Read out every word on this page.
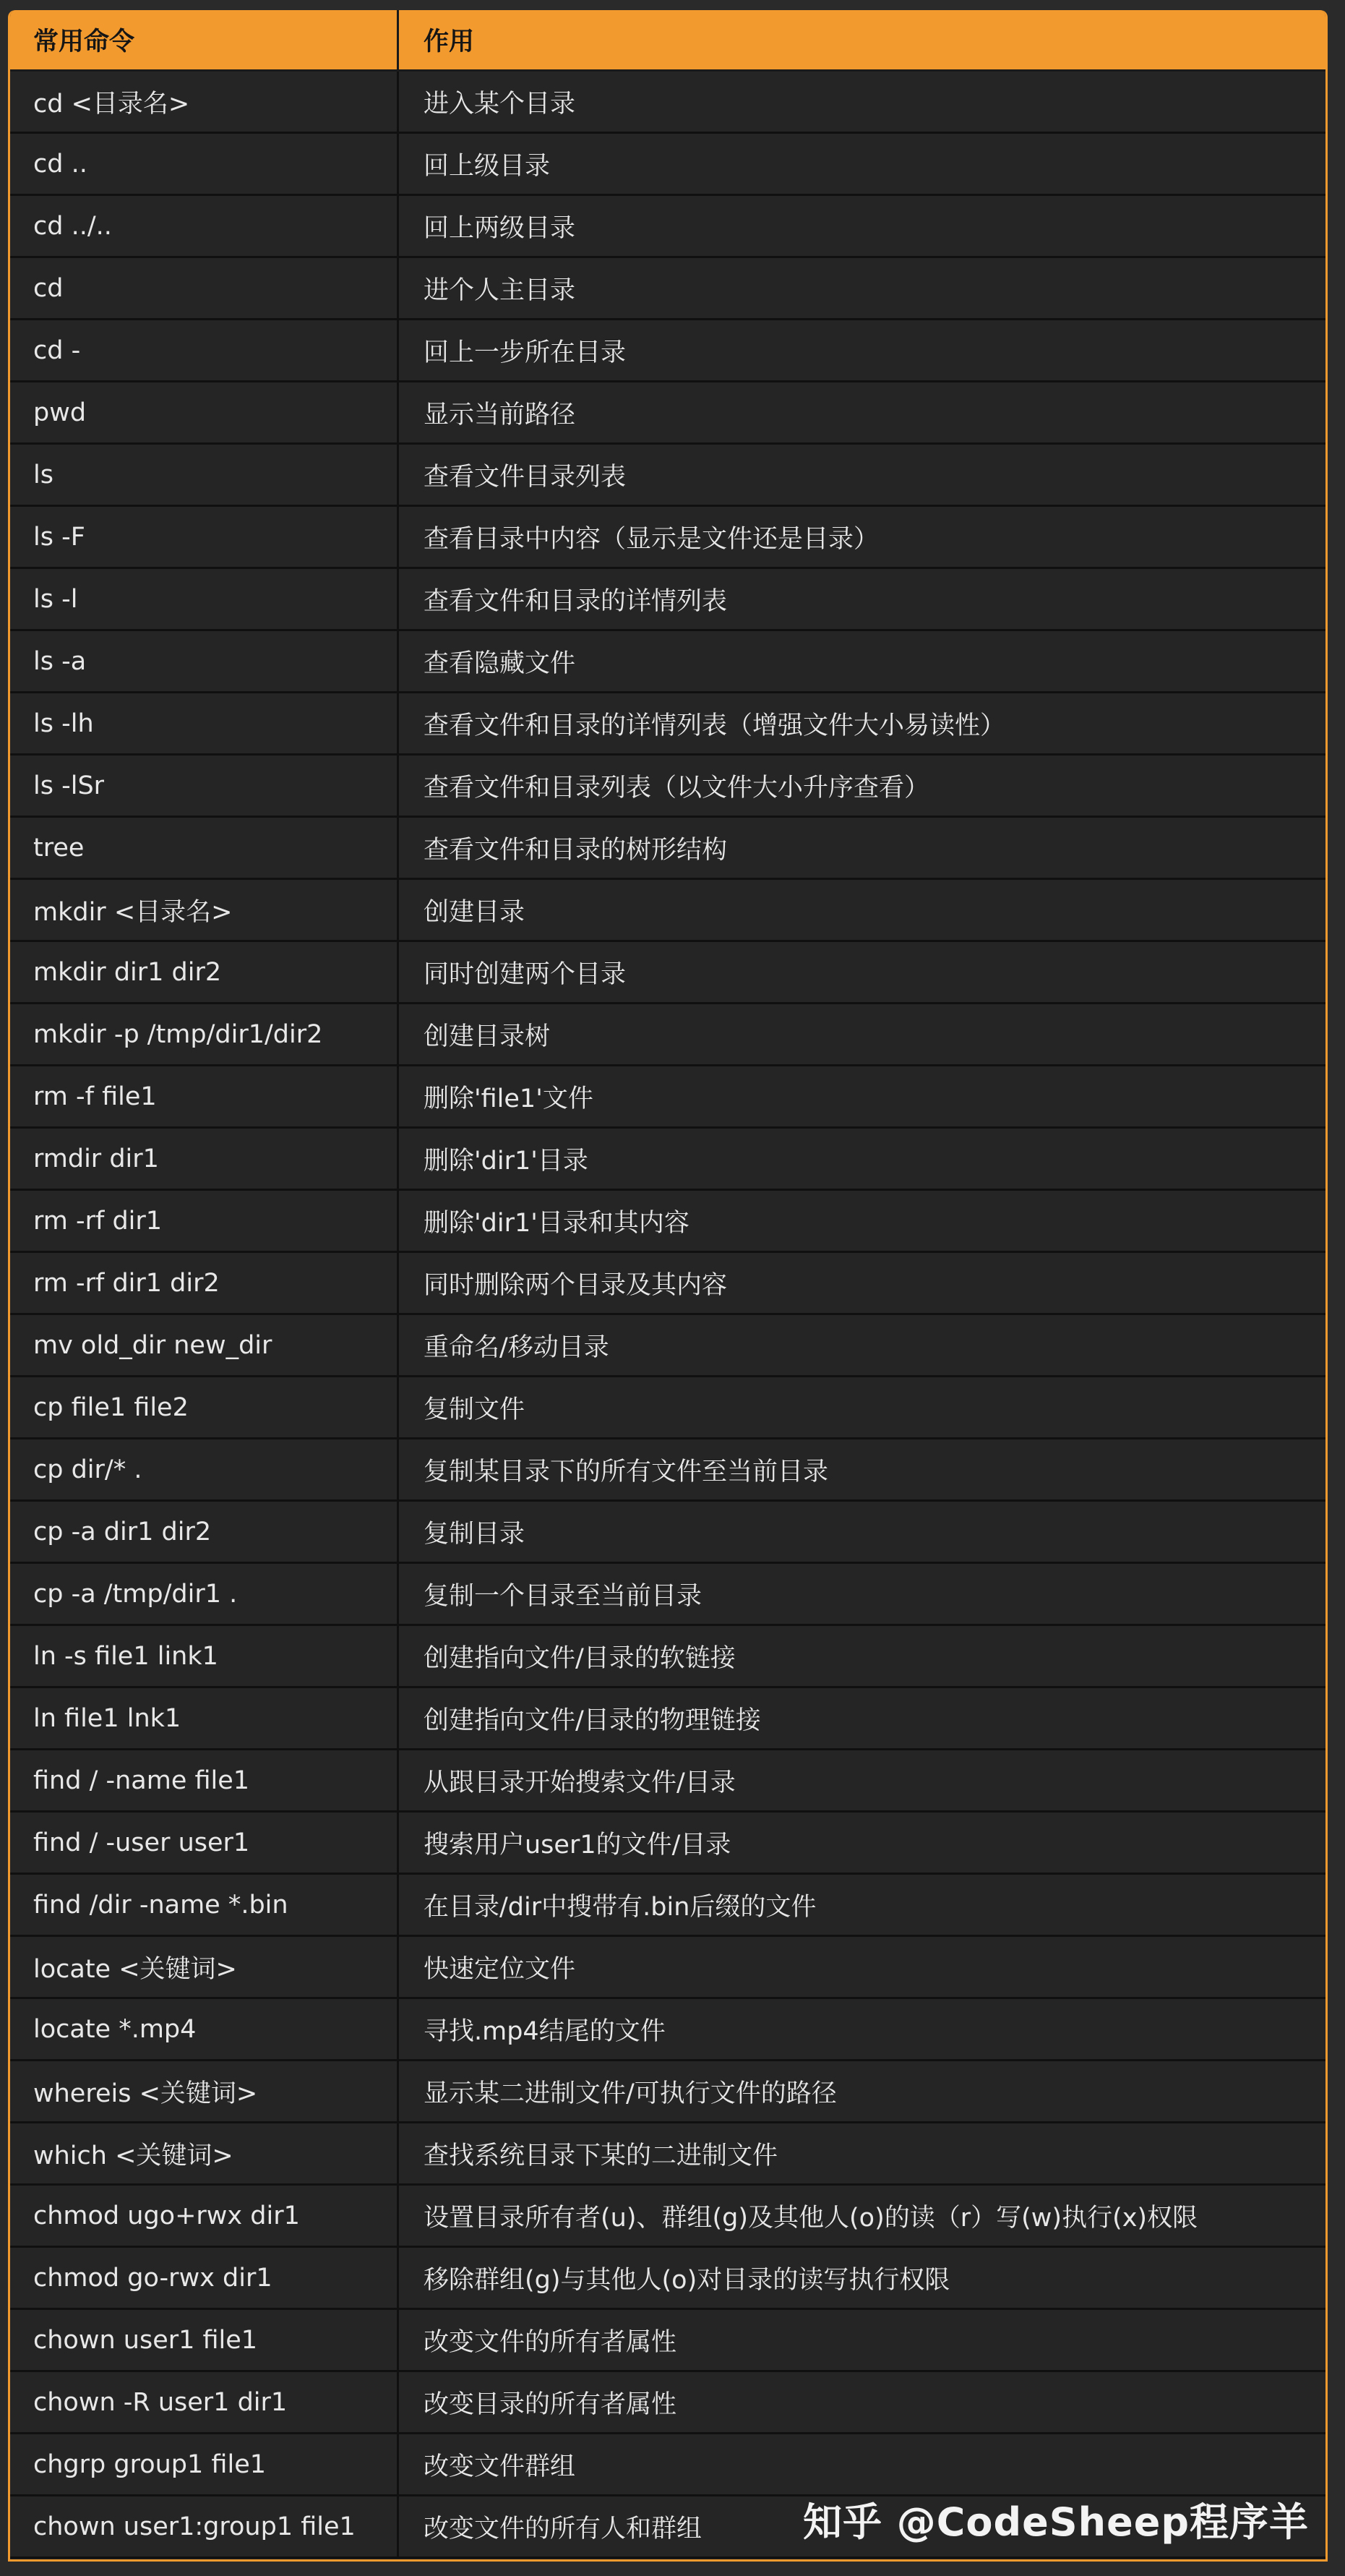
常用命令	作用
cd <目录名>	进入某个目录
cd ..	回上级目录
cd ../..	回上两级目录
cd	进个人主目录
cd -	回上一步所在目录
pwd	显示当前路径
ls	查看文件目录列表
ls -F	查看目录中内容（显示是文件还是目录）
ls -l	查看文件和目录的详情列表
ls -a	查看隐藏文件
ls -lh	查看文件和目录的详情列表（增强文件大小易读性）
ls -lSr	查看文件和目录列表（以文件大小升序查看）
tree	查看文件和目录的树形结构
mkdir <目录名>	创建目录
mkdir dir1 dir2	同时创建两个目录
mkdir -p /tmp/dir1/dir2	创建目录树
rm -f file1	删除'file1'文件
rmdir dir1	删除'dir1'目录
rm -rf dir1	删除'dir1'目录和其内容
rm -rf dir1 dir2	同时删除两个目录及其内容
mv old_dir new_dir	重命名/移动目录
cp file1 file2	复制文件
cp dir/* .	复制某目录下的所有文件至当前目录
cp -a dir1 dir2	复制目录
cp -a /tmp/dir1 .	复制一个目录至当前目录
ln -s file1 link1	创建指向文件/目录的软链接
ln file1 lnk1	创建指向文件/目录的物理链接
find / -name file1	从跟目录开始搜索文件/目录
find / -user user1	搜索用户user1的文件/目录
find /dir -name *.bin	在目录/dir中搜带有.bin后缀的文件
locate <关键词>	快速定位文件
locate *.mp4	寻找.mp4结尾的文件
whereis <关键词>	显示某二进制文件/可执行文件的路径
which <关键词>	查找系统目录下某的二进制文件
chmod ugo+rwx dir1	设置目录所有者(u)、群组(g)及其他人(o)的读（r）写(w)执行(x)权限
chmod go-rwx dir1	移除群组(g)与其他人(o)对目录的读写执行权限
chown user1 file1	改变文件的所有者属性
chown -R user1 dir1	改变目录的所有者属性
chgrp group1 file1	改变文件群组
chown user1:group1 file1	改变文件的所有人和群组	知乎 @CodeSheep程序羊
